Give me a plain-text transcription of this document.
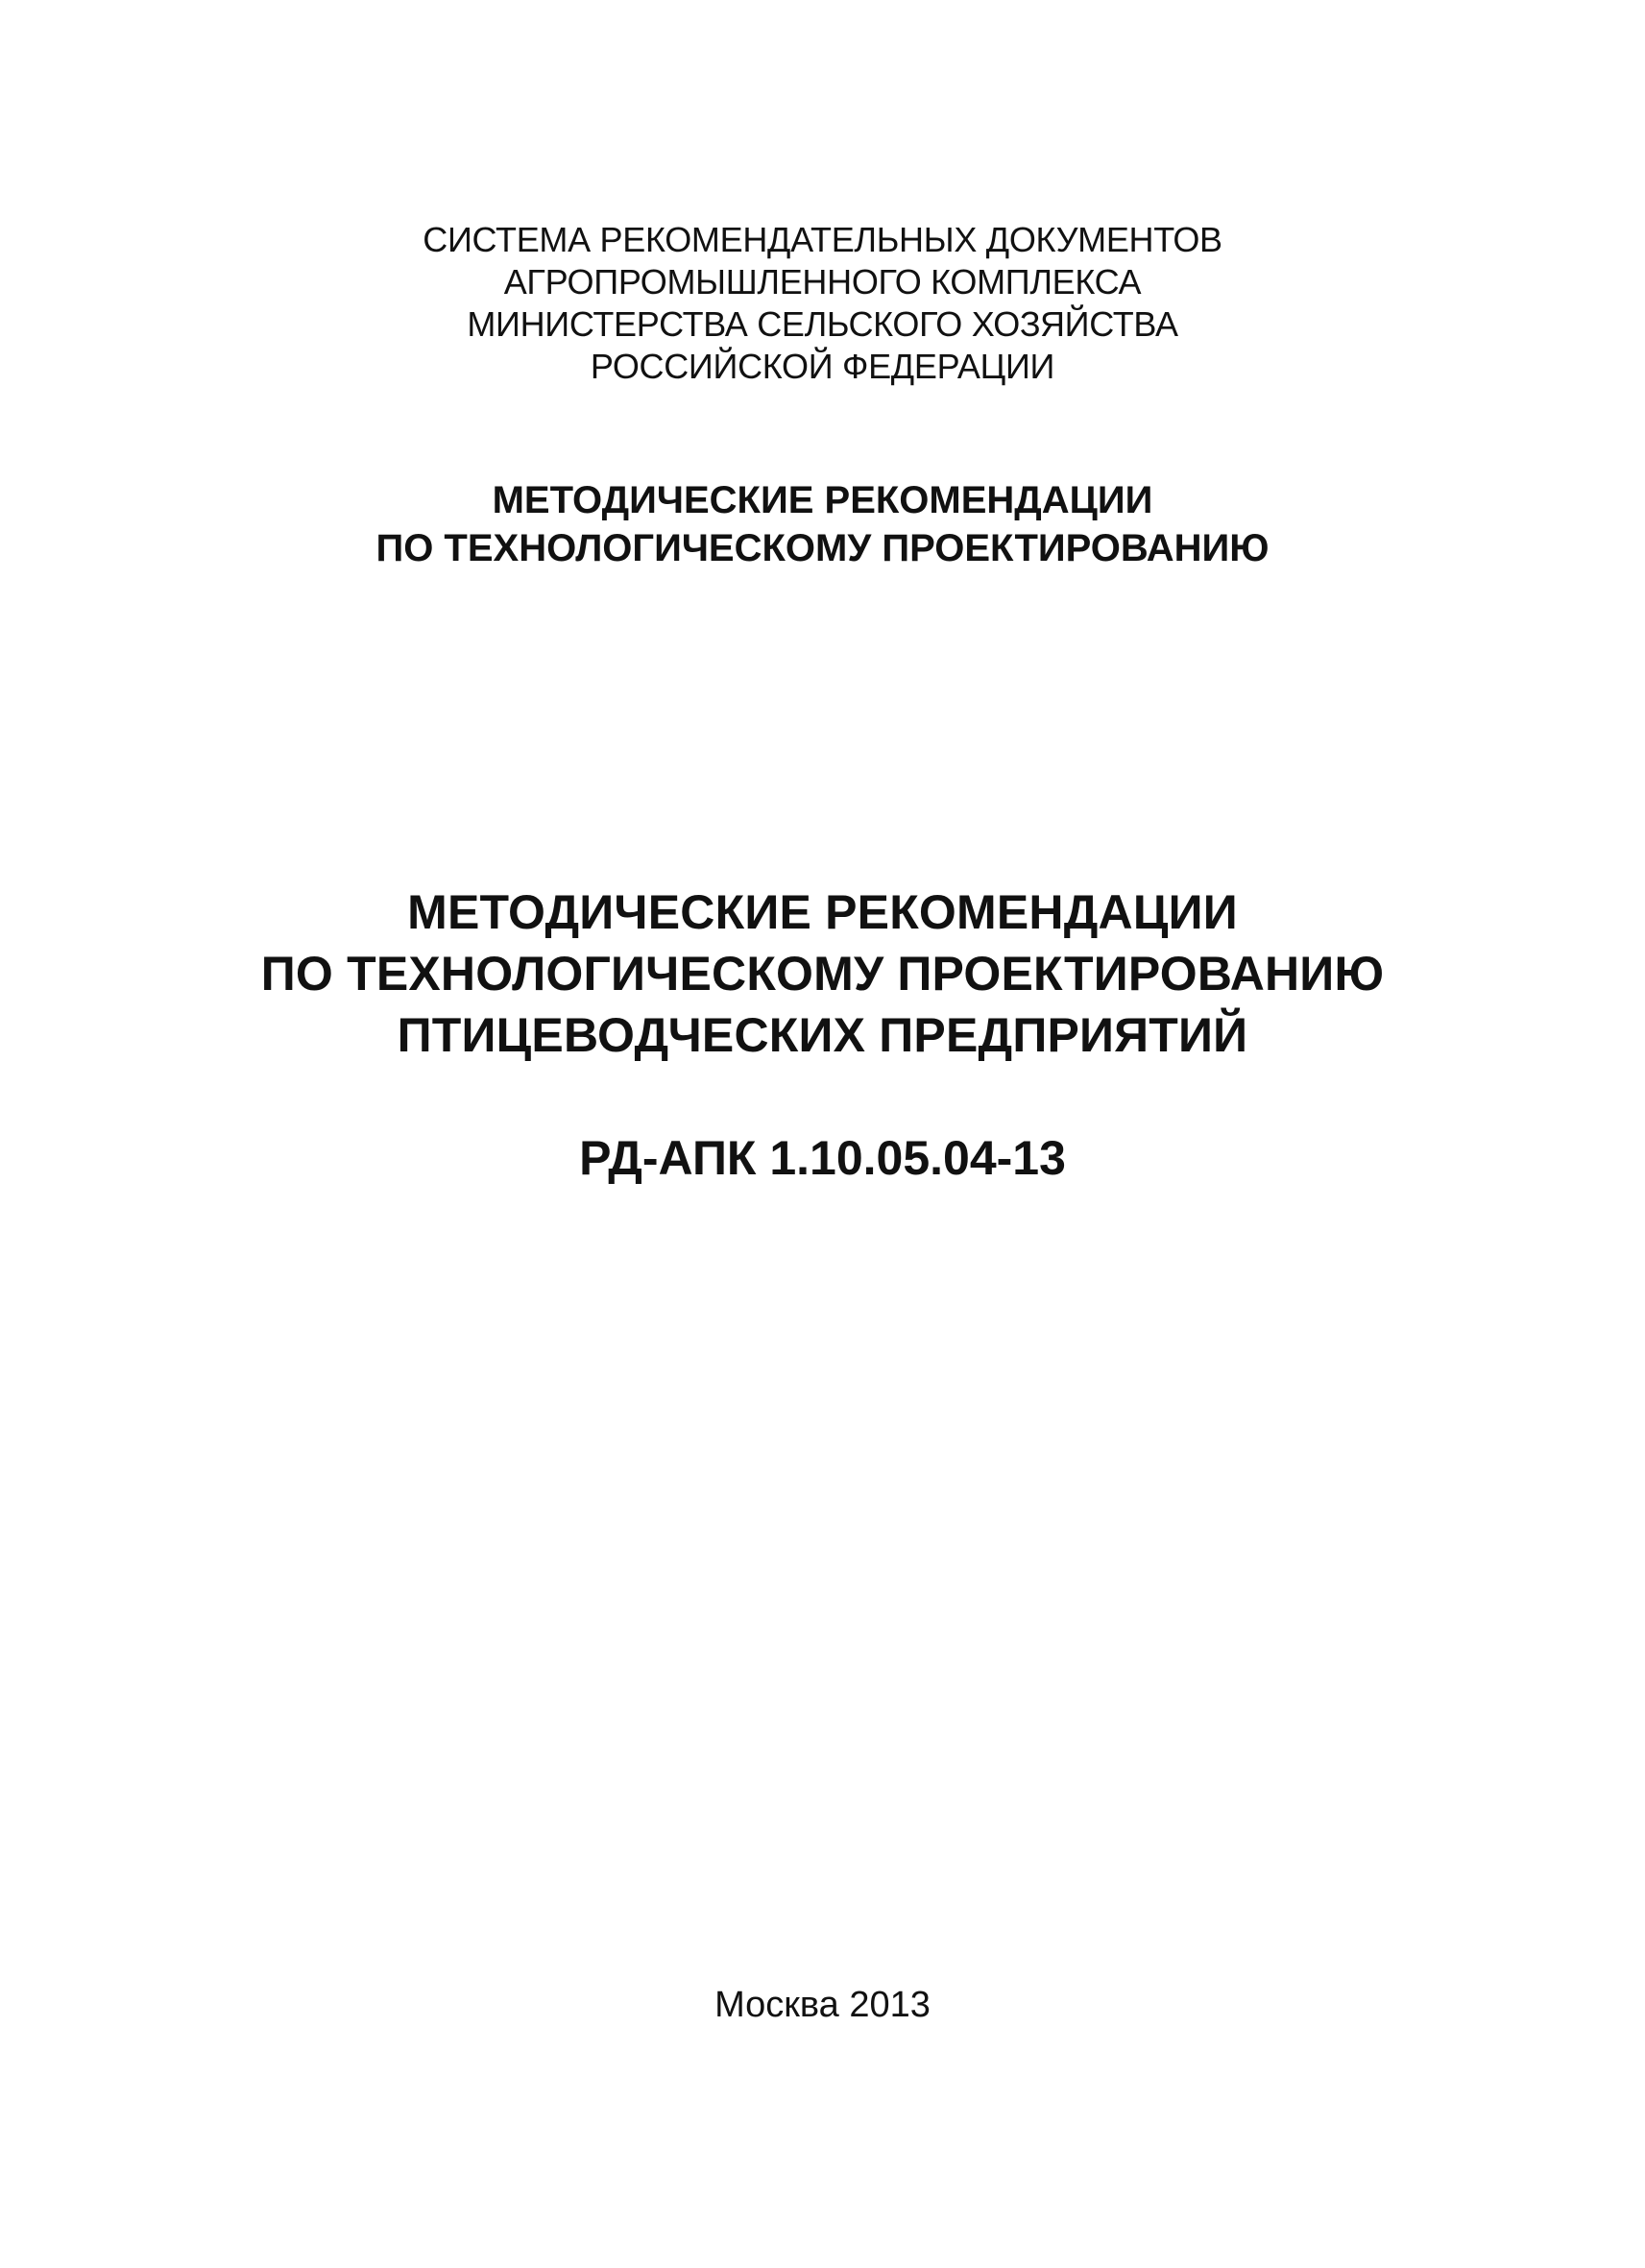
СИСТЕМА РЕКОМЕНДАТЕЛЬНЫХ ДОКУМЕНТОВ
АГРОПРОМЫШЛЕННОГО КОМПЛЕКСА
МИНИСТЕРСТВА СЕЛЬСКОГО ХОЗЯЙСТВА
РОССИЙСКОЙ ФЕДЕРАЦИИ
МЕТОДИЧЕСКИЕ РЕКОМЕНДАЦИИ
ПО ТЕХНОЛОГИЧЕСКОМУ ПРОЕКТИРОВАНИЮ
МЕТОДИЧЕСКИЕ РЕКОМЕНДАЦИИ
ПО ТЕХНОЛОГИЧЕСКОМУ ПРОЕКТИРОВАНИЮ
ПТИЦЕВОДЧЕСКИХ ПРЕДПРИЯТИЙ
РД-АПК 1.10.05.04-13
Москва 2013
